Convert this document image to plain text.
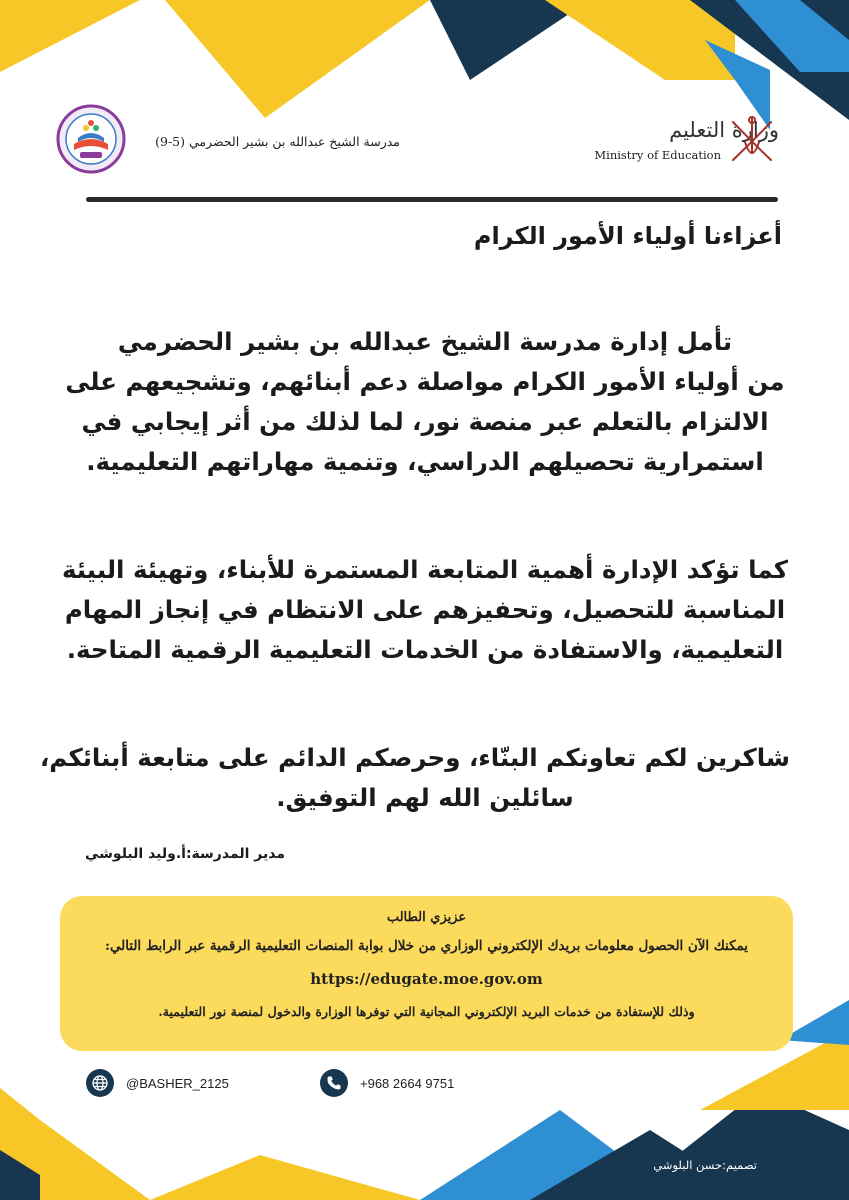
مدرسة الشيخ عبدالله بن بشير الحضرمي (5-9)	وزارة التعليم
Ministry of Education
أعزاءنا أولياء الأمور الكرام
تأمل إدارة مدرسة الشيخ عبدالله بن بشير الحضرمي
من أولياء الأمور الكرام مواصلة دعم أبنائهم، وتشجيعهم على
الالتزام بالتعلم عبر منصة نور، لما لذلك من أثر إيجابي في
استمرارية تحصيلهم الدراسي، وتنمية مهاراتهم التعليمية.
كما تؤكد الإدارة أهمية المتابعة المستمرة للأبناء، وتهيئة البيئة
المناسبة للتحصيل، وتحفيزهم على الانتظام في إنجاز المهام
التعليمية، والاستفادة من الخدمات التعليمية الرقمية المتاحة.
شاكرين لكم تعاونكم البنّاء، وحرصكم الدائم على متابعة أبنائكم،
سائلين الله لهم التوفيق.
مدير المدرسة:أ.وليد البلوشي
عزيزي الطالب
يمكنك الآن الحصول معلومات بريدك الإلكتروني الوزاري من خلال بوابة المنصات التعليمية الرقمية عبر الرابط التالي:
https://edugate.moe.gov.om
وذلك للإستفادة من خدمات البريد الإلكتروني المجانية التي توفرها الوزارة والدخول لمنصة نور التعليمية.
@BASHER_2125	+968 2664 9751
تصميم:حسن البلوشي
